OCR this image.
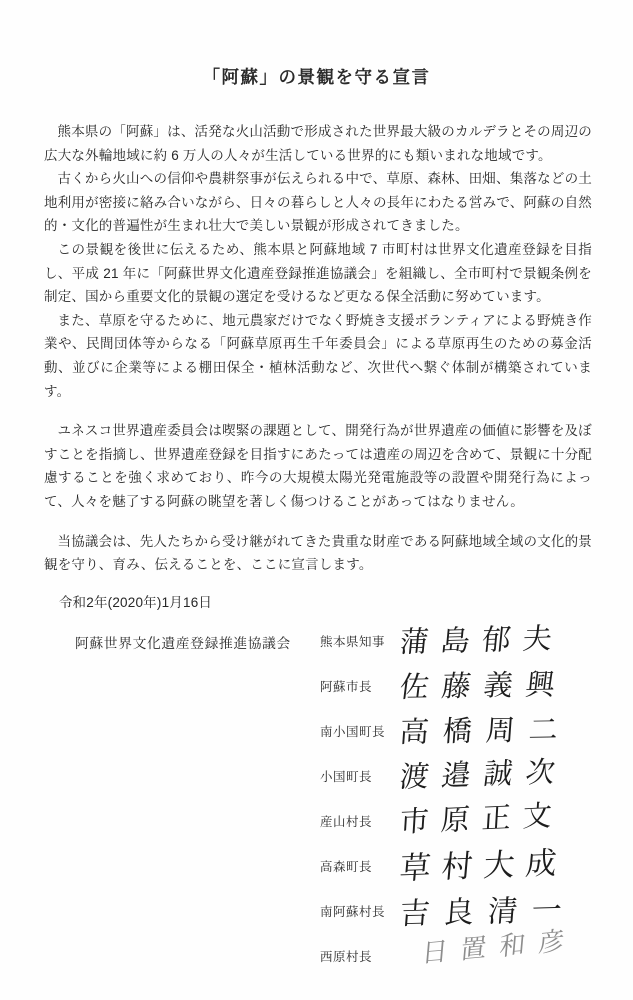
「阿蘇」の景観を守る宣言

熊本県の「阿蘇」は、活発な火山活動で形成された世界最大級のカルデラとその周辺の広大な外輪地域に約 6 万人の人々が生活している世界的にも類いまれな地域です。

古くから火山への信仰や農耕祭事が伝えられる中で、草原、森林、田畑、集落などの土地利用が密接に絡み合いながら、日々の暮らしと人々の長年にわたる営みで、阿蘇の自然的・文化的普遍性が生まれ壮大で美しい景観が形成されてきました。

この景観を後世に伝えるため、熊本県と阿蘇地域 7 市町村は世界文化遺産登録を目指し、平成 21 年に「阿蘇世界文化遺産登録推進協議会」を組織し、全市町村で景観条例を制定、国から重要文化的景観の選定を受けるなど更なる保全活動に努めています。

また、草原を守るために、地元農家だけでなく野焼き支援ボランティアによる野焼き作業や、民間団体等からなる「阿蘇草原再生千年委員会」による草原再生のための募金活動、並びに企業等による棚田保全・植林活動など、次世代へ繋ぐ体制が構築されています。

ユネスコ世界遺産委員会は喫緊の課題として、開発行為が世界遺産の価値に影響を及ぼすことを指摘し、世界遺産登録を目指すにあたっては遺産の周辺を含めて、景観に十分配慮することを強く求めており、昨今の大規模太陽光発電施設等の設置や開発行為によって、人々を魅了する阿蘇の眺望を著しく傷つけることがあってはなりません。

当協議会は、先人たちから受け継がれてきた貴重な財産である阿蘇地域全域の文化的景観を守り、育み、伝えることを、ここに宣言します。

令和2年(2020年)1月16日
阿蘇世界文化遺産登録推進協議会	熊本県知事 蒲島郁夫
阿蘇市長 佐藤義興
南小国町長 高橋周二
小国町長 渡邉誠次
産山村長 市原正文
高森町長 草村大成
南阿蘇村長 吉良清一
西原村長	日置和彦
